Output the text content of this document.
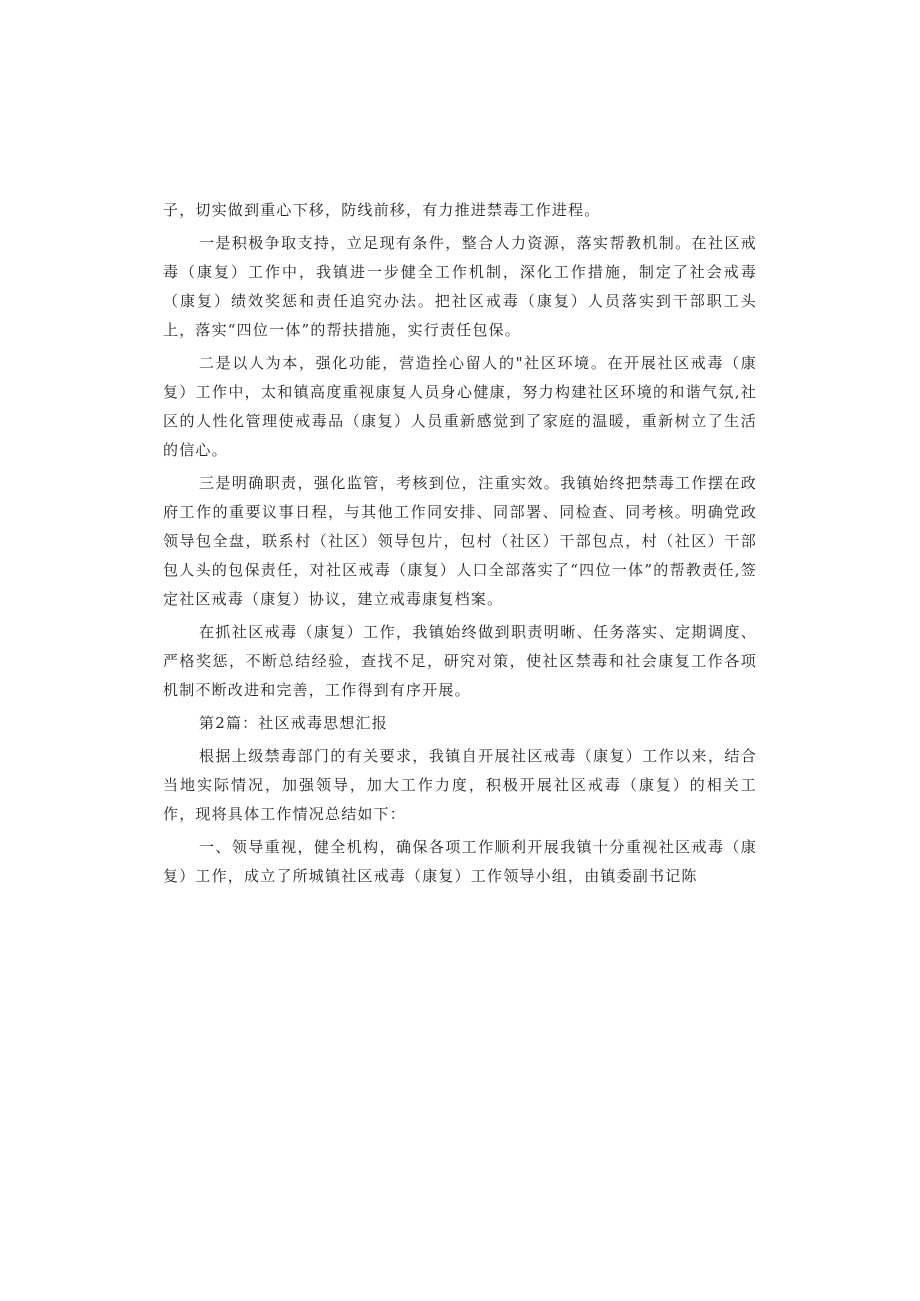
子，切实做到重心下移，防线前移，有力推进禁毒工作进程。

一是积极争取支持，立足现有条件，整合人力资源，落实帮教机制。在社区戒毒（康复）工作中，我镇进一步健全工作机制，深化工作措施，制定了社会戒毒（康复）绩效奖惩和责任追究办法。把社区戒毒（康复）人员落实到干部职工头上，落实“四位一体”的帮扶措施，实行责任包保。

二是以人为本，强化功能，营造拴心留人的"社区环境。在开展社区戒毒（康复）工作中，太和镇高度重视康复人员身心健康，努力构建社区环境的和谐气氛,社区的人性化管理使戒毒品（康复）人员重新感觉到了家庭的温暖，重新树立了生活的信心。

三是明确职责，强化监管，考核到位，注重实效。我镇始终把禁毒工作摆在政府工作的重要议事日程，与其他工作同安排、同部署、同检查、同考核。明确党政领导包全盘，联系村（社区）领导包片，包村（社区）干部包点，村（社区）干部包人头的包保责任，对社区戒毒（康复）人口全部落实了“四位一体”的帮教责任,签定社区戒毒（康复）协议，建立戒毒康复档案。

在抓社区戒毒（康复）工作，我镇始终做到职责明晰、任务落实、定期调度、严格奖惩，不断总结经验，查找不足，研究对策，使社区禁毒和社会康复工作各项机制不断改进和完善，工作得到有序开展。

第2篇：社区戒毒思想汇报

根据上级禁毒部门的有关要求，我镇自开展社区戒毒（康复）工作以来，结合当地实际情况，加强领导，加大工作力度，积极开展社区戒毒（康复）的相关工作，现将具体工作情况总结如下：

一、领导重视，健全机构，确保各项工作顺利开展我镇十分重视社区戒毒（康复）工作，成立了所城镇社区戒毒（康复）工作领导小组，由镇委副书记陈
